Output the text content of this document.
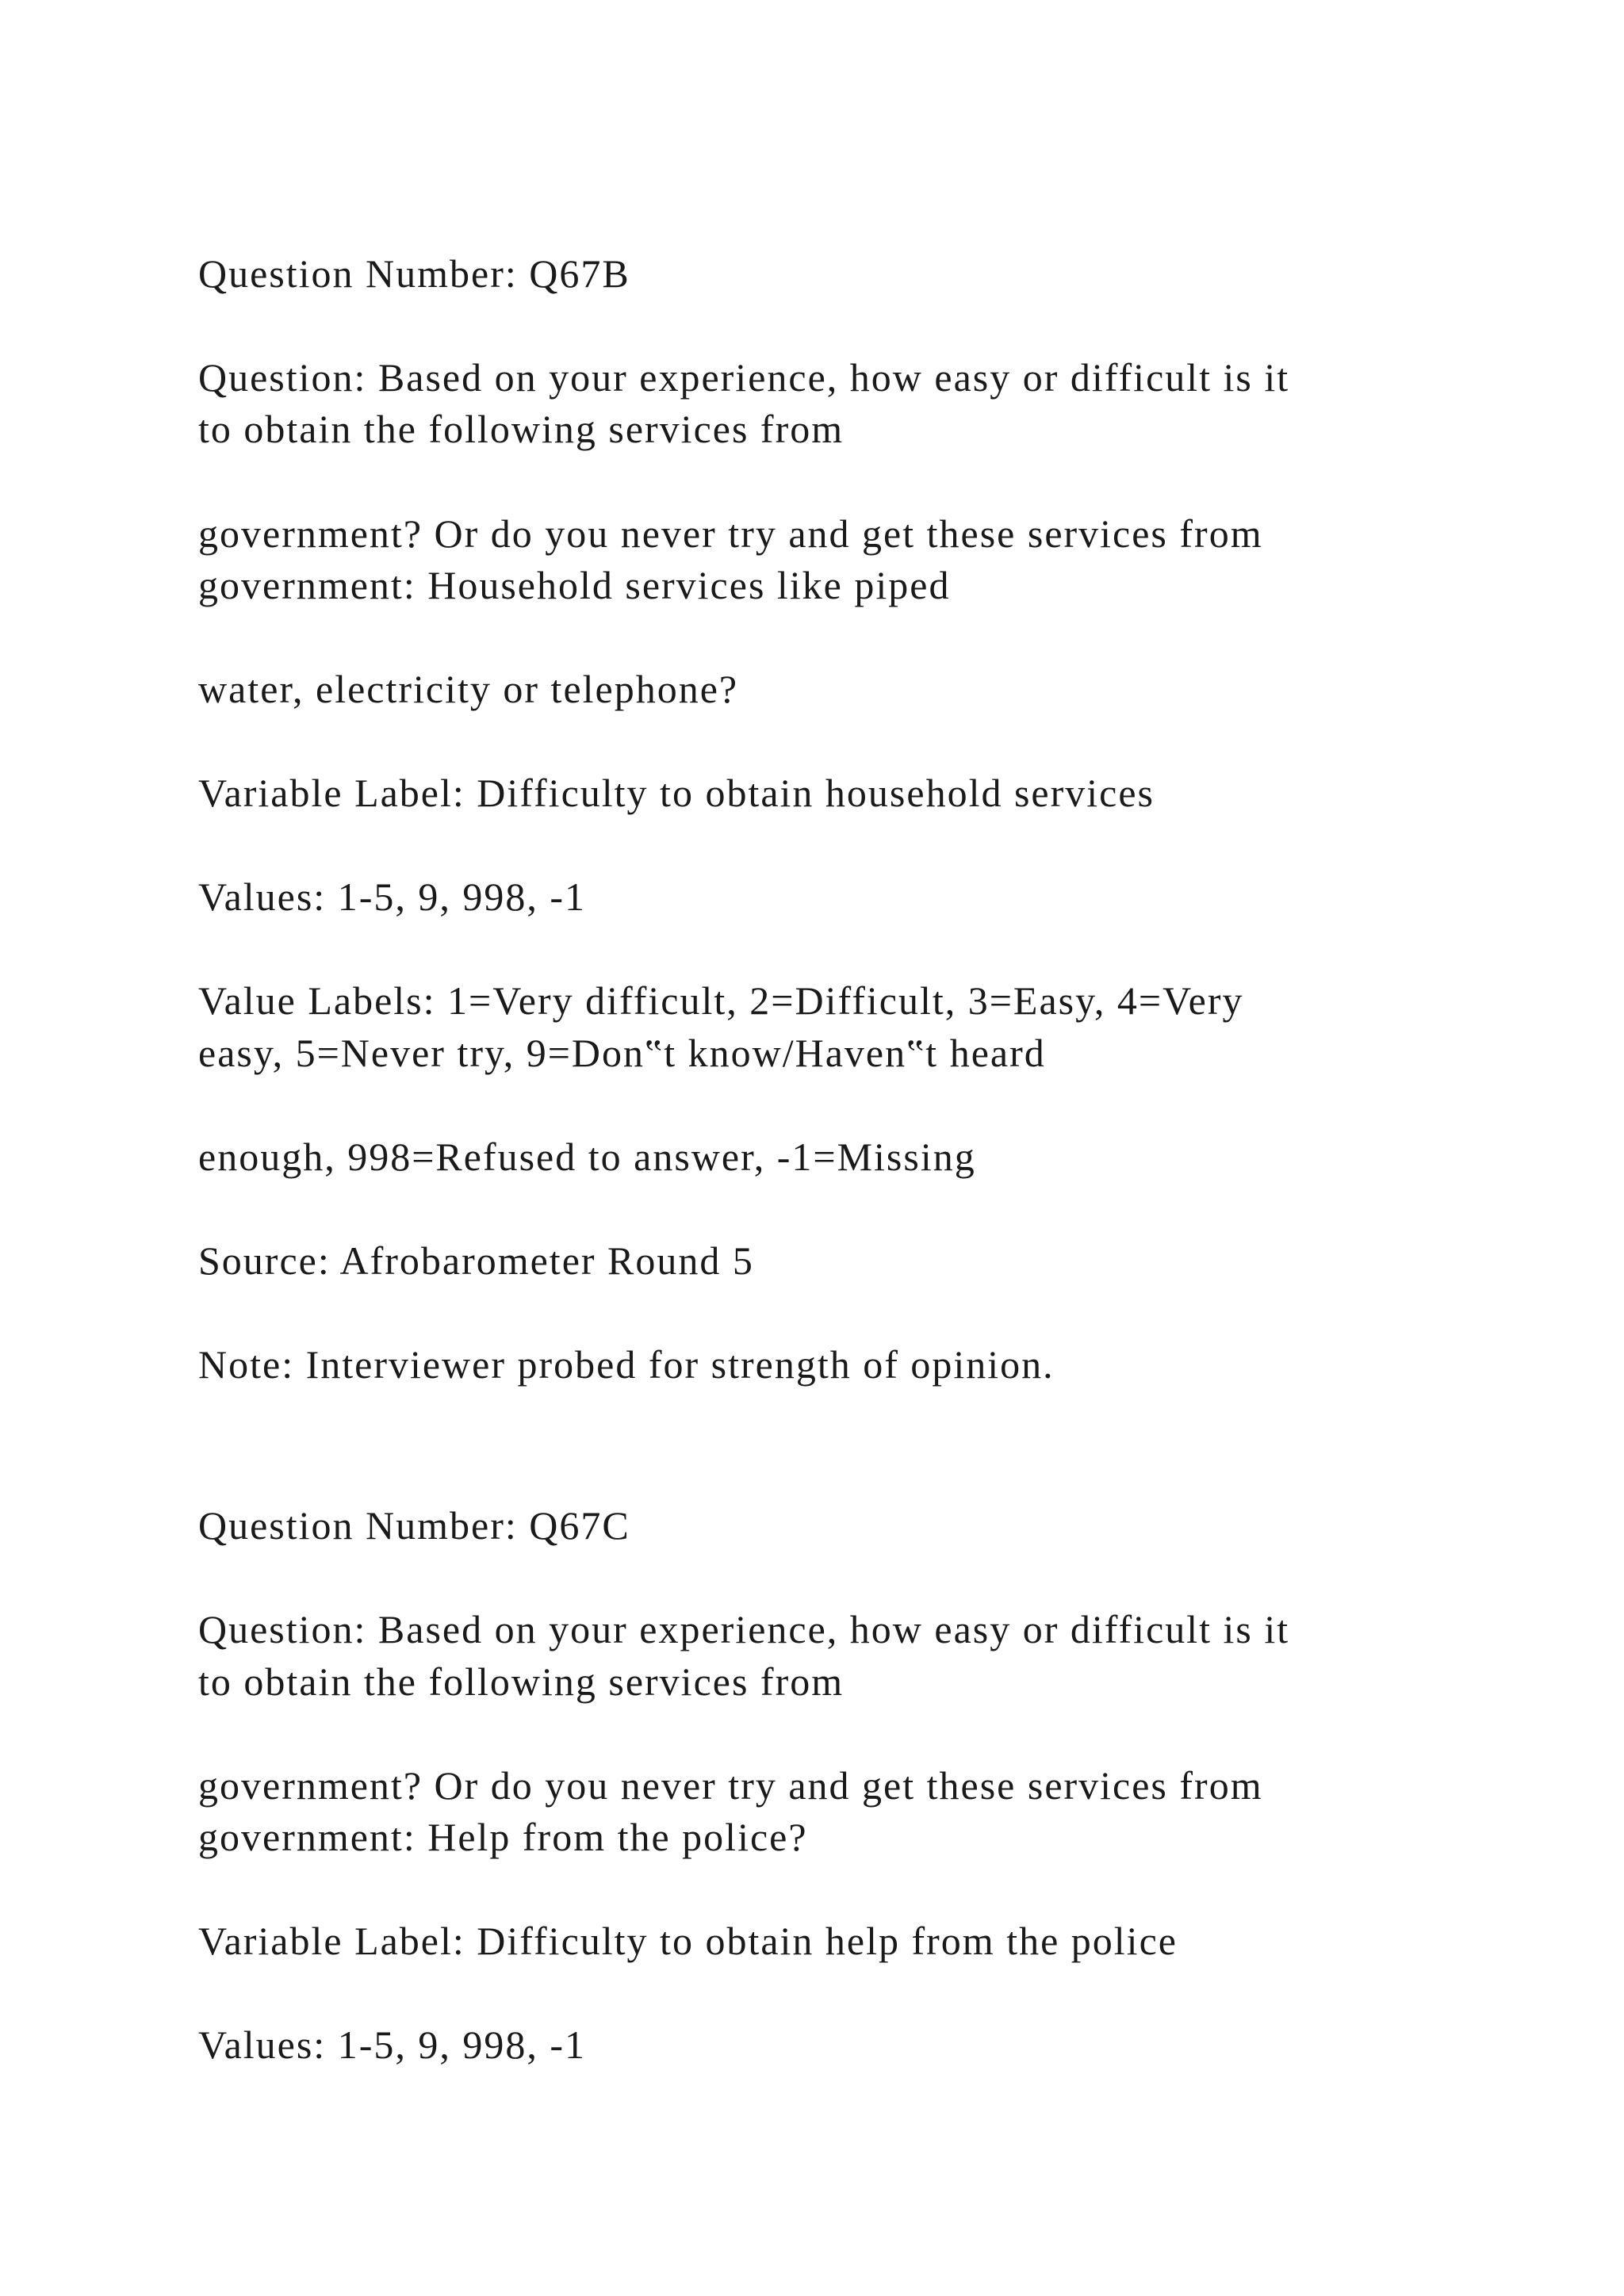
Question Number: Q67B

Question: Based on your experience, how easy or difficult is it

to obtain the following services from

government? Or do you never try and get these services from

government: Household services like piped

water, electricity or telephone?

Variable Label: Difficulty to obtain household services

Values: 1-5, 9, 998, -1

Value Labels: 1=Very difficult, 2=Difficult, 3=Easy, 4=Very

easy, 5=Never try, 9=Don‟t know/Haven‟t heard

enough, 998=Refused to answer, -1=Missing

Source: Afrobarometer Round 5

Note: Interviewer probed for strength of opinion.

Question Number: Q67C

Question: Based on your experience, how easy or difficult is it

to obtain the following services from

government? Or do you never try and get these services from

government: Help from the police?

Variable Label: Difficulty to obtain help from the police

Values: 1-5, 9, 998, -1
